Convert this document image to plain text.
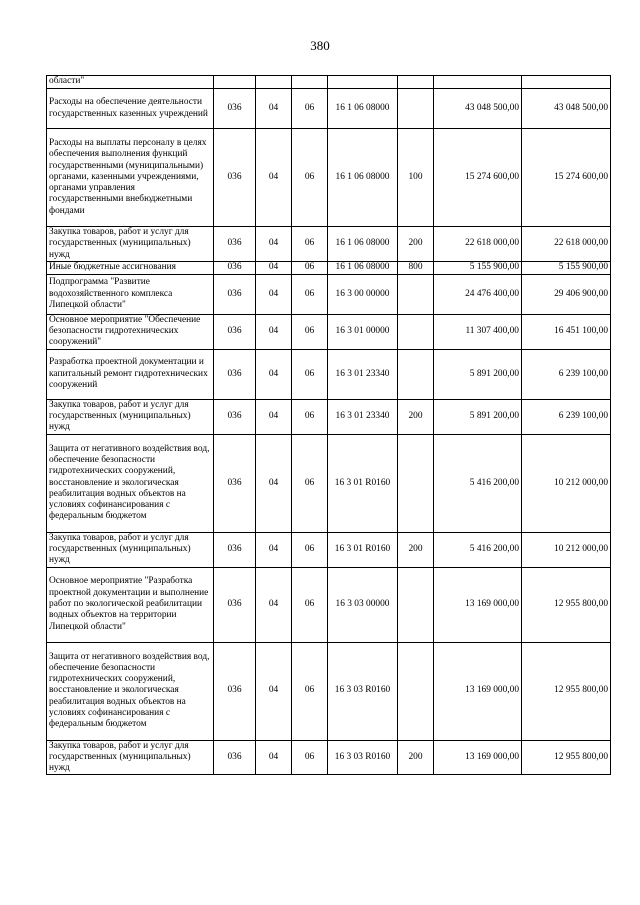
380
области"							
Расходы на обеспечение деятельности государственных казенных учреждений	036	04	06	16 1 06 08000		43 048 500,00	43 048 500,00
Расходы на выплаты персоналу в целях обеспечения выполнения функций государственными (муниципальными) органами, казенными учреждениями, органами управления государственными внебюджетными фондами	036	04	06	16 1 06 08000	100	15 274 600,00	15 274 600,00
Закупка товаров, работ и услуг для государственных (муниципальных) нужд	036	04	06	16 1 06 08000	200	22 618 000,00	22 618 000,00
Иные бюджетные ассигнования	036	04	06	16 1 06 08000	800	5 155 900,00	5 155 900,00
Подпрограмма "Развитие водохозяйственного комплекса Липецкой области"	036	04	06	16 3 00 00000		24 476 400,00	29 406 900,00
Основное мероприятие "Обеспечение безопасности гидротехнических сооружений"	036	04	06	16 3 01 00000		11 307 400,00	16 451 100,00
Разработка проектной документации и капитальный ремонт гидротехнических сооружений	036	04	06	16 3 01 23340		5 891 200,00	6 239 100,00
Закупка товаров, работ и услуг для государственных (муниципальных) нужд	036	04	06	16 3 01 23340	200	5 891 200,00	6 239 100,00
Защита от негативного воздействия вод, обеспечение безопасности гидротехнических сооружений, восстановление и экологическая реабилитация водных объектов на условиях софинансирования с федеральным бюджетом	036	04	06	16 3 01 R0160		5 416 200,00	10 212 000,00
Закупка товаров, работ и услуг для государственных (муниципальных) нужд	036	04	06	16 3 01 R0160	200	5 416 200,00	10 212 000,00
Основное мероприятие "Разработка проектной документации и выполнение работ по экологической реабилитации водных объектов на территории Липецкой области"	036	04	06	16 3 03 00000		13 169 000,00	12 955 800,00
Защита от негативного воздействия вод, обеспечение безопасности гидротехнических сооружений, восстановление и экологическая реабилитация водных объектов на условиях софинансирования с федеральным бюджетом	036	04	06	16 3 03 R0160		13 169 000,00	12 955 800,00
Закупка товаров, работ и услуг для государственных (муниципальных) нужд	036	04	06	16 3 03 R0160	200	13 169 000,00	12 955 800,00
